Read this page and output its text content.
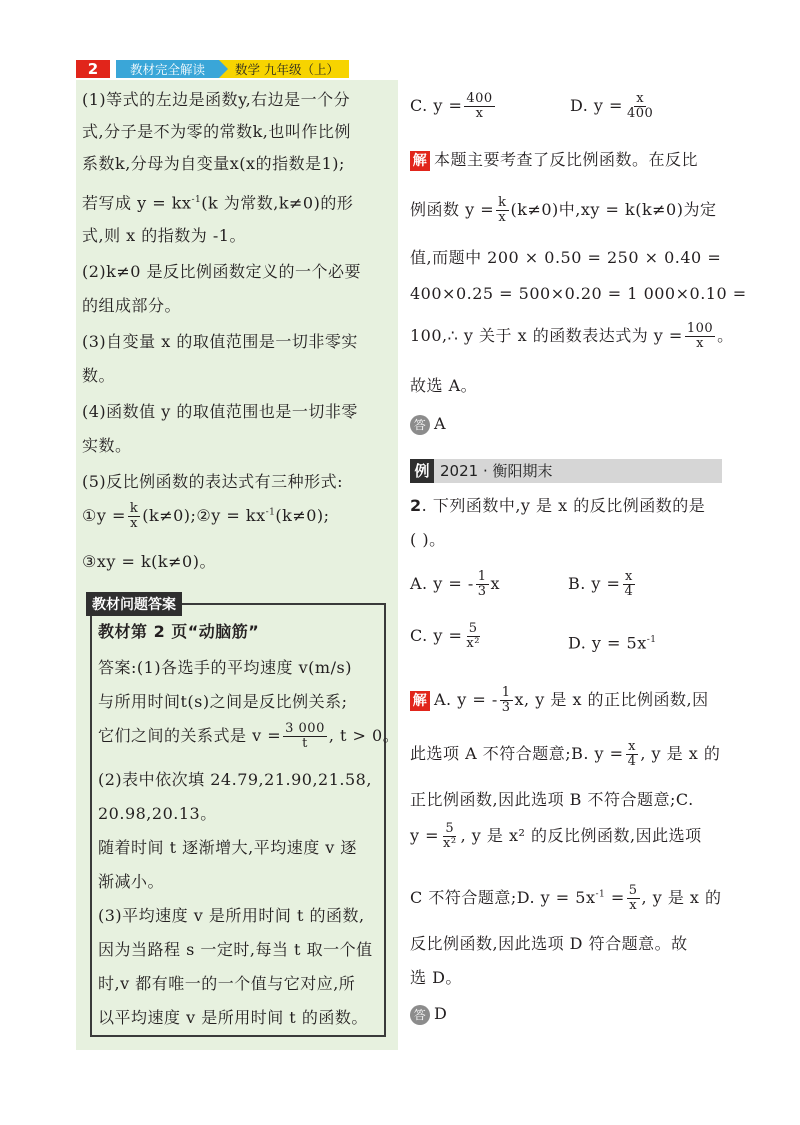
2	教材完全解读	数学 九年级（上）
(1)等式的左边是函数y,右边是一个分
式,分子是不为零的常数k,也叫作比例
系数k,分母为自变量x(x的指数是1);
若写成 $y = kx^{-1}(k$ 为常数,k≠0)的形
式,则 x 的指数为 -1。
(2)k≠0 是反比例函数定义的一个必要
的组成部分。
(3)自变量 x 的取值范围是一切非零实
数。
(4)函数值 y 的取值范围也是一切非零
实数。
(5)反比例函数的表达式有三种形式:
①y = $\frac{k}{x}$ (k≠0);②y = $kx^{-1}(k\ne 0)$;
③xy = k(k≠0)。
教材问题答案
教材第 2 页“动脑筋”
答案:(1)各选手的平均速度 v(m/s)
与所用时间t(s)之间是反比例关系;
它们之间的关系式是 $v = \frac{3 000}{t}$ , t > 0。
(2)表中依次填 24.79,21.90,21.58,
20.98,20.13。
随着时间 t 逐渐增大,平均速度 v 逐
渐减小。
(3)平均速度 v 是所用时间 t 的函数,
因为当路程 s 一定时,每当 t 取一个值
时,v 都有唯一的一个值与它对应,所
以平均速度 v 是所用时间 t 的函数。
C. $y = \frac{400}{x}$	D. $y = \frac{x}{400}$
解 本题主要考查了反比例函数。在反比
例函数 $y = \frac{k}{x} (k\ne 0)$中,xy = k(k≠0)为定
值,而题中 200 × 0.50 = 250 × 0.40 =
400×0.25 = 500×0.20 = 1 000×0.10 =
100,∴ y 关于 x 的函数表达式为 $y = \frac{100}{x}$ 。
故选 A。
答 A
例 2021 · 衡阳期末
2. 下列函数中,y 是 x 的反比例函数的是
( )。
A. y = - $\frac{1}{3}$ x	B. $y = \frac{x}{4}$
C. $y = \frac{5}{\text{x²}}$	D. $y = 5x^{-1}$
解 A. y = - $\frac{1}{3} x$, y 是 x 的正比例函数,因
此选项 A 不符合题意;B. $y = \frac{x}{4}$ , y 是 x 的
正比例函数,因此选项 B 不符合题意;C.
$y = \frac{5}{\text{x²}}$ , y 是 x² 的反比例函数,因此选项
C 不符合题意;D. $y = 5x^{-1} = \frac{5}{x}$ , y 是 x 的
反比例函数,因此选项 D 符合题意。故
选 D。
答 D
